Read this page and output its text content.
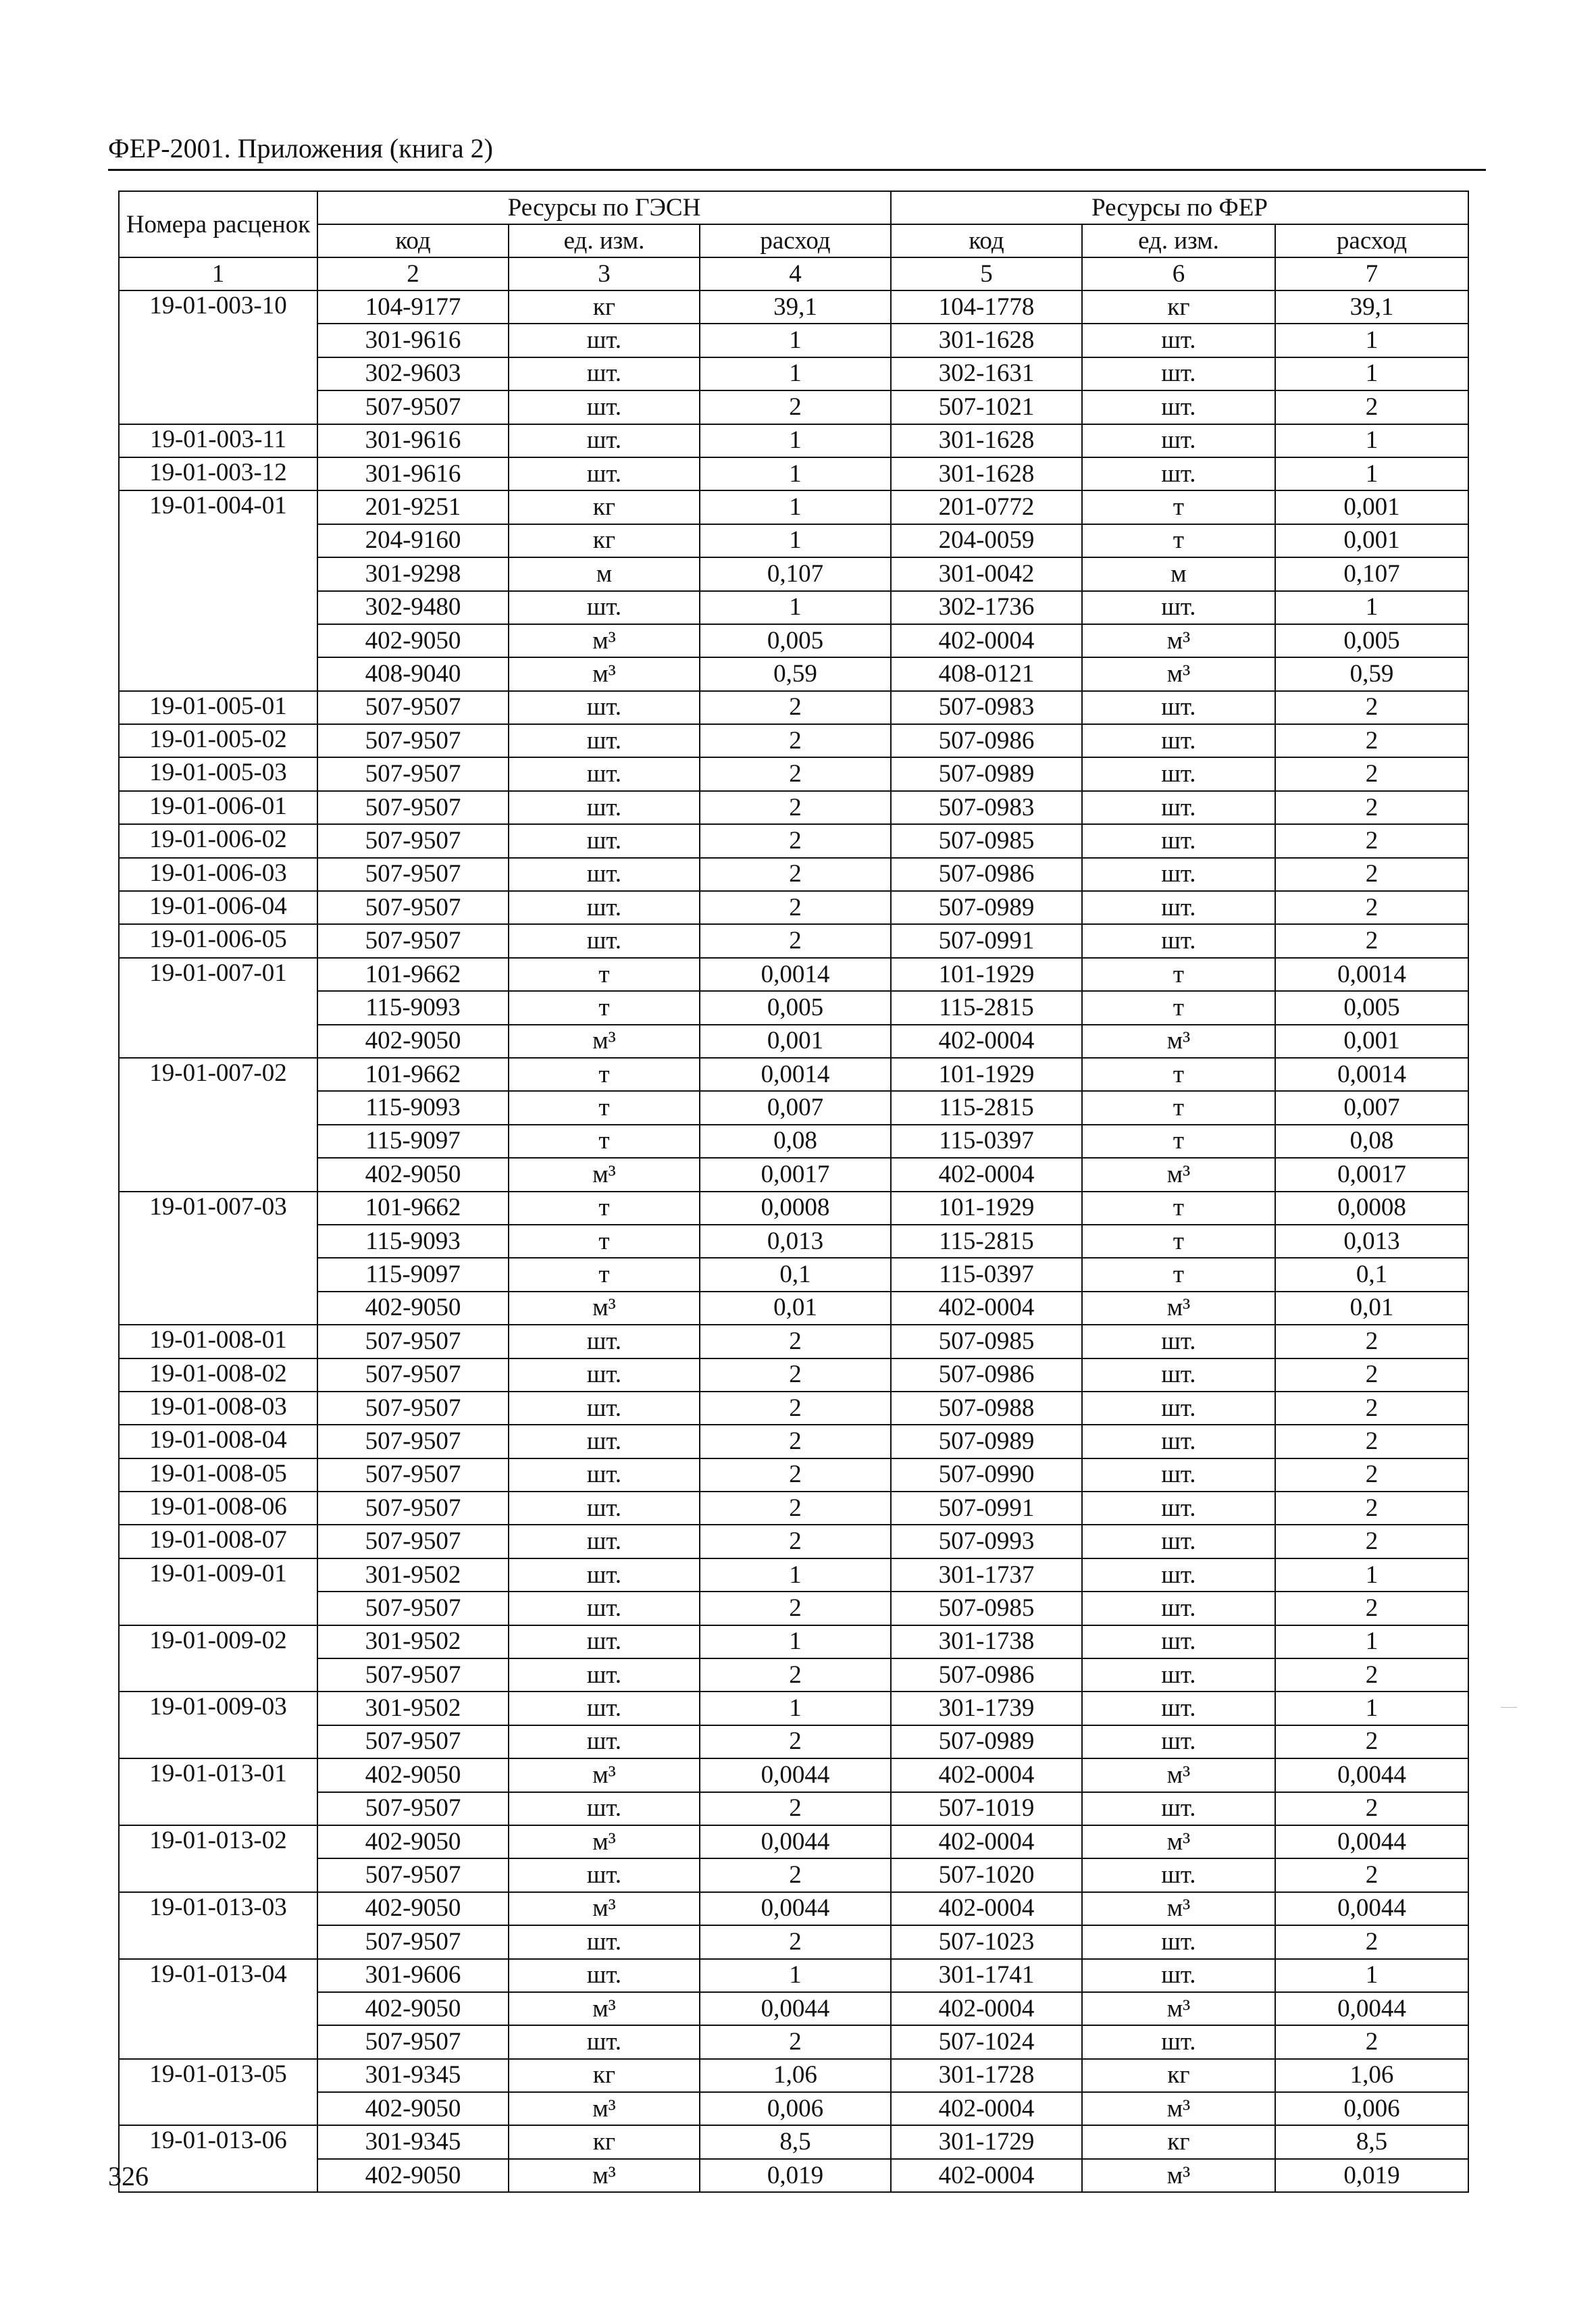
ФЕР-2001. Приложения (книга 2)
Номера расценок	Ресурсы по ГЭСН			Ресурсы по ФЕР		
	код	ед. изм.	расход	код	ед. изм.	расход
1	2	3	4	5	6	7
19-01-003-10	104-9177	кг	39,1	104-1778	кг	39,1
	301-9616	шт.	1	301-1628	шт.	1
	302-9603	шт.	1	302-1631	шт.	1
	507-9507	шт.	2	507-1021	шт.	2
19-01-003-11	301-9616	шт.	1	301-1628	шт.	1
19-01-003-12	301-9616	шт.	1	301-1628	шт.	1
19-01-004-01	201-9251	кг	1	201-0772	т	0,001
	204-9160	кг	1	204-0059	т	0,001
	301-9298	м	0,107	301-0042	м	0,107
	302-9480	шт.	1	302-1736	шт.	1
	402-9050	м³	0,005	402-0004	м³	0,005
	408-9040	м³	0,59	408-0121	м³	0,59
19-01-005-01	507-9507	шт.	2	507-0983	шт.	2
19-01-005-02	507-9507	шт.	2	507-0986	шт.	2
19-01-005-03	507-9507	шт.	2	507-0989	шт.	2
19-01-006-01	507-9507	шт.	2	507-0983	шт.	2
19-01-006-02	507-9507	шт.	2	507-0985	шт.	2
19-01-006-03	507-9507	шт.	2	507-0986	шт.	2
19-01-006-04	507-9507	шт.	2	507-0989	шт.	2
19-01-006-05	507-9507	шт.	2	507-0991	шт.	2
19-01-007-01	101-9662	т	0,0014	101-1929	т	0,0014
	115-9093	т	0,005	115-2815	т	0,005
	402-9050	м³	0,001	402-0004	м³	0,001
19-01-007-02	101-9662	т	0,0014	101-1929	т	0,0014
	115-9093	т	0,007	115-2815	т	0,007
	115-9097	т	0,08	115-0397	т	0,08
	402-9050	м³	0,0017	402-0004	м³	0,0017
19-01-007-03	101-9662	т	0,0008	101-1929	т	0,0008
	115-9093	т	0,013	115-2815	т	0,013
	115-9097	т	0,1	115-0397	т	0,1
	402-9050	м³	0,01	402-0004	м³	0,01
19-01-008-01	507-9507	шт.	2	507-0985	шт.	2
19-01-008-02	507-9507	шт.	2	507-0986	шт.	2
19-01-008-03	507-9507	шт.	2	507-0988	шт.	2
19-01-008-04	507-9507	шт.	2	507-0989	шт.	2
19-01-008-05	507-9507	шт.	2	507-0990	шт.	2
19-01-008-06	507-9507	шт.	2	507-0991	шт.	2
19-01-008-07	507-9507	шт.	2	507-0993	шт.	2
19-01-009-01	301-9502	шт.	1	301-1737	шт.	1
	507-9507	шт.	2	507-0985	шт.	2
19-01-009-02	301-9502	шт.	1	301-1738	шт.	1
	507-9507	шт.	2	507-0986	шт.	2
19-01-009-03	301-9502	шт.	1	301-1739	шт.	1
	507-9507	шт.	2	507-0989	шт.	2
19-01-013-01	402-9050	м³	0,0044	402-0004	м³	0,0044
	507-9507	шт.	2	507-1019	шт.	2
19-01-013-02	402-9050	м³	0,0044	402-0004	м³	0,0044
	507-9507	шт.	2	507-1020	шт.	2
19-01-013-03	402-9050	м³	0,0044	402-0004	м³	0,0044
	507-9507	шт.	2	507-1023	шт.	2
19-01-013-04	301-9606	шт.	1	301-1741	шт.	1
	402-9050	м³	0,0044	402-0004	м³	0,0044
	507-9507	шт.	2	507-1024	шт.	2
19-01-013-05	301-9345	кг	1,06	301-1728	кг	1,06
	402-9050	м³	0,006	402-0004	м³	0,006
19-01-013-06	301-9345	кг	8,5	301-1729	кг	8,5
	402-9050	м³	0,019	402-0004	м³	0,019
326
